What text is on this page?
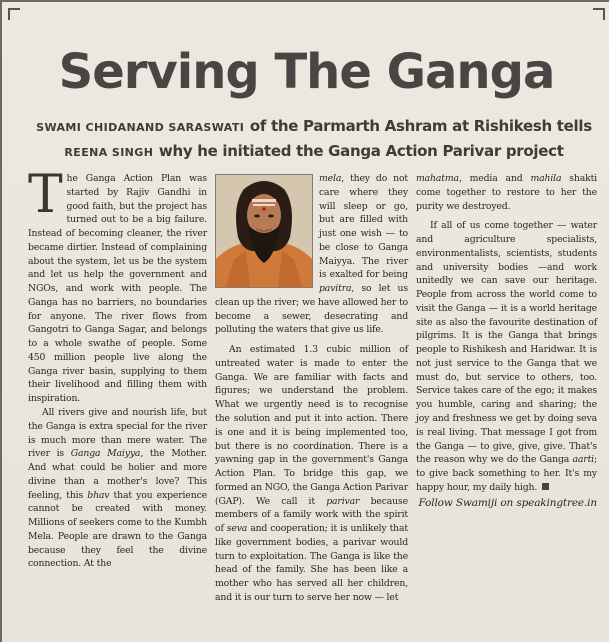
Serving The Ganga
SWAMI CHIDANAND SARASWATI of the Parmarth Ashram at Rishikesh tells
REENA SINGH why he initiated the Ganga Action Parivar project

The Ganga Action Plan was started by Rajiv Gandhi in good faith, but the project has turned out to be a big failure. Instead of becoming cleaner, the river became dirtier. Instead of complaining about the system, let us be the system and let us help the government and NGOs, and work with people. The Ganga has no barriers, no boundaries for anyone. The river flows from Gangotri to Ganga Sagar, and belongs to a whole swathe of people. Some 450 million people live along the Ganga river basin, supplying to them their livelihood and filling them with inspiration.

All rivers give and nourish life, but the Ganga is extra special for the river is much more than mere water. The river is Ganga Maiyya, the Mother. And what could be holier and more divine than a mother's love? This feeling, this bhav that you experience cannot be created with money. Millions of seekers come to the Kumbh Mela. People are drawn to the Ganga because they feel the divine connection. At the

mela, they do not care where they will sleep or go, but are filled with just one wish — to be close to Ganga Maiyya. The river is exalted for being pavitra, so let us clean up the river; we have allowed her to become a sewer, desecrating and polluting the waters that give us life.

An estimated 1.3 cubic million of untreated water is made to enter the Ganga. We are familiar with facts and figures; we understand the problem. What we urgently need is to recognise the solution and put it into action. There is one and it is being implemented too, but there is no coordination. There is a yawning gap in the government's Ganga Action Plan. To bridge this gap, we formed an NGO, the Ganga Action Parivar (GAP). We call it parivar because members of a family work with the spirit of seva and cooperation; it is unlikely that like government bodies, a parivar would turn to exploitation. The Ganga is like the head of the family. She has been like a mother who has served all her children, and it is our turn to serve her now — let

mahatma, media and mahila shakti come together to restore to her the purity we destroyed.

If all of us come together — water and agriculture specialists, environmentalists, scientists, students and university bodies —and work unitedly we can save our heritage. People from across the world come to visit the Ganga — it is a world heritage site as also the favourite destination of pilgrims. It is the Ganga that brings people to Rishikesh and Haridwar. It is not just service to the Ganga that we must do, but service to others, too. Service takes care of the ego; it makes you humble, caring and sharing; the joy and freshness we get by doing seva is real living. That message I got from the Ganga — to give, give, give. That's the reason why we do the Ganga aarti; to give back something to her. It's my happy hour, my daily high.

Follow Swamiji on speakingtree.in
